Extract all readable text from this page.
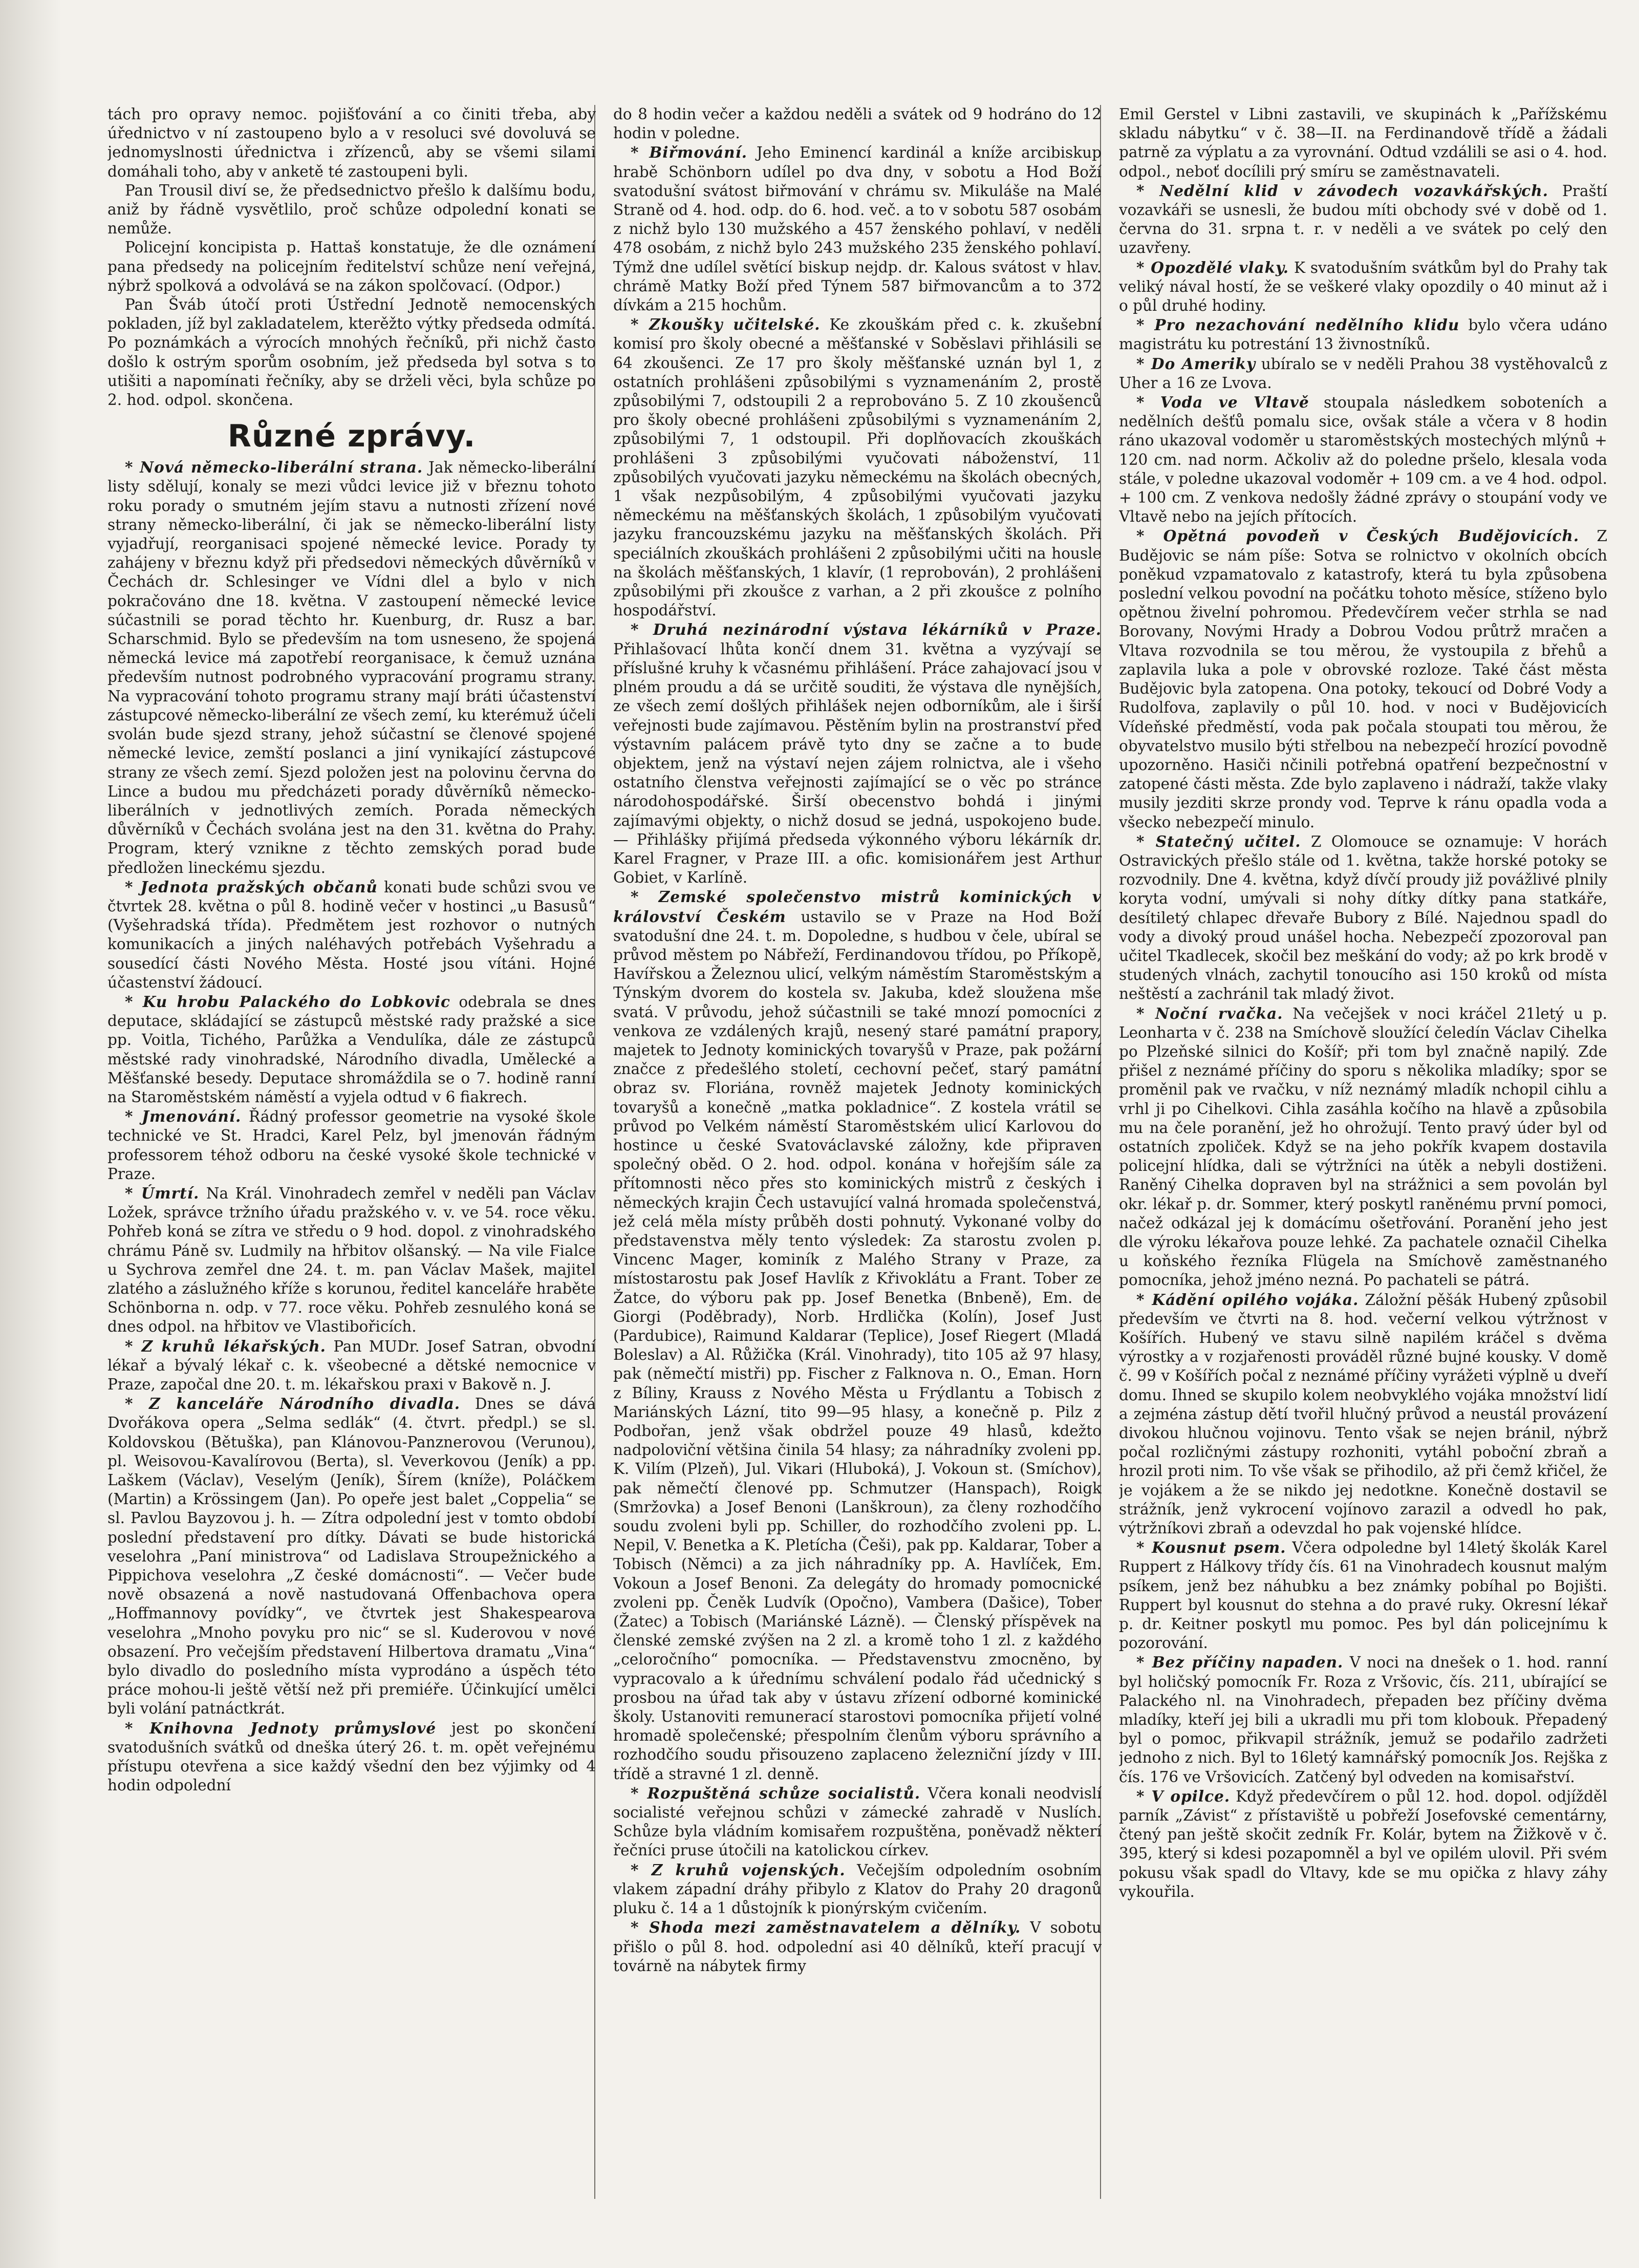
tách pro opravy nemoc. pojišťování a co činiti třeba, aby úřednictvo v ní zastoupeno bylo a v resoluci své dovoluvá se jednomyslnosti úřednictva i zřízenců, aby se všemi silami domáhali toho, aby v anketě té zastoupeni byli.

Pan Trousil diví se, že předsednictvo přešlo k dalšímu bodu, aniž by řádně vysvětlilo, proč schůze odpolední konati se nemůže.

Policejní koncipista p. Hattaš konstatuje, že dle oznámení pana předsedy na policejním ředitelství schůze není veřejná, nýbrž spolková a odvolává se na zákon spolčovací. (Odpor.)

Pan Šváb útočí proti Ústřední Jednotě nemocenských pokladen, jíž byl zakladatelem, kterěžto výtky předseda odmítá. Po poznámkách a výrocích mnohých řečníků, při nichž často došlo k ostrým sporům osobním, jež předseda byl sotva s to utišiti a napomínati řečníky, aby se drželi věci, byla schůze po 2. hod. odpol. skončena.

Různé zprávy.

* Nová německo-liberální strana. Jak německo-liberální listy sdělují, konaly se mezi vůdci levice již v březnu tohoto roku porady o smutném jejím stavu a nutnosti zřízení nové strany německo-liberální, či jak se německo-liberální listy vyjadřují, reorganisaci spojené německé levice. Porady ty zahájeny v březnu když při předsedovi německých důvěrníků v Čechách dr. Schlesinger ve Vídni dlel a bylo v nich pokračováno dne 18. května. V zastoupení německé levice súčastnili se porad těchto hr. Kuenburg, dr. Rusz a bar. Scharschmid. Bylo se především na tom usneseno, že spojená německá levice má zapotřebí reorganisace, k čemuž uznána především nutnost podrobného vypracování programu strany. Na vypracování tohoto programu strany mají bráti účastenství zástupcové německo-liberální ze všech zemí, ku kterémuž účeli svolán bude sjezd strany, jehož súčastní se členové spojené německé levice, zemští poslanci a jiní vynikající zástupcové strany ze všech zemí. Sjezd položen jest na polovinu června do Lince a budou mu předcházeti porady důvěrníků německo-liberálních v jednotlivých zemích. Porada německých důvěrníků v Čechách svolána jest na den 31. května do Prahy. Program, který vznikne z těchto zemských porad bude předložen lineckému sjezdu.

* Jednota pražských občanů konati bude schůzi svou ve čtvrtek 28. května o půl 8. hodině večer v hostinci „u Basusů“ (Vyšehradská třída). Předmětem jest rozhovor o nutných komunikacích a jiných naléhavých potřebách Vyšehradu a sousedící části Nového Města. Hosté jsou vítáni. Hojné účastenství žádoucí.

* Ku hrobu Palackého do Lobkovic odebrala se dnes deputace, skládající se zástupců městské rady pražské a sice pp. Voitla, Tichého, Parůžka a Vendulíka, dále ze zástupců městské rady vinohradské, Národního divadla, Umělecké a Měšťanské besedy. Deputace shromáždila se o 7. hodině ranní na Staroměstském náměstí a vyjela odtud v 6 fiakrech.

* Jmenování. Řádný professor geometrie na vysoké škole technické ve St. Hradci, Karel Pelz, byl jmenován řádným professorem téhož odboru na české vysoké škole technické v Praze.

* Úmrtí. Na Král. Vinohradech zemřel v neděli pan Václav Ložek, správce tržního úřadu pražského v. v. ve 54. roce věku. Pohřeb koná se zítra ve středu o 9 hod. dopol. z vinohradského chrámu Páně sv. Ludmily na hřbitov olšanský. — Na vile Fialce u Sychrova zemřel dne 24. t. m. pan Václav Mašek, majitel zlatého a záslužného kříže s korunou, ředitel kanceláře hraběte Schönborna n. odp. v 77. roce věku. Pohřeb zesnulého koná se dnes odpol. na hřbitov ve Vlastibořicích.

* Z kruhů lékařských. Pan MUDr. Josef Satran, obvodní lékař a bývalý lékař c. k. všeobecné a dětské nemocnice v Praze, započal dne 20. t. m. lékařskou praxi v Bakově n. J.

* Z kanceláře Národního divadla. Dnes se dává Dvořákova opera „Selma sedlák“ (4. čtvrt. předpl.) se sl. Koldovskou (Bětuška), pan Klánovou-Panznerovou (Verunou), pl. Weisovou-Kavalírovou (Berta), sl. Veverkovou (Jeník) a pp. Laškem (Václav), Veselým (Jeník), Šírem (kníže), Poláčkem (Martin) a Krössingem (Jan). Po opeře jest balet „Coppelia“ se sl. Pavlou Bayzovou j. h. — Zítra odpolední jest v tomto období poslední představení pro dítky. Dávati se bude historická veselohra „Paní ministrova“ od Ladislava Stroupežnického a Pippichova veselohra „Z české domácnosti“. — Večer bude nově obsazená a nově nastudovaná Offenbachova opera „Hoffmannovy povídky“, ve čtvrtek jest Shakespearova veselohra „Mnoho povyku pro nic“ se sl. Kuderovou v nové obsazení. Pro večejším představení Hilbertova dramatu „Vina“ bylo divadlo do posledního místa vyprodáno a úspěch této práce mohou-li ještě větší než při premiéře. Účinkující umělci byli volání patnáctkrát.

* Knihovna Jednoty průmyslové jest po skončení svatodušních svátků od dneška úterý 26. t. m. opět veřejnému přístupu otevřena a sice každý všední den bez výjimky od 4 hodin odpolední

do 8 hodin večer a každou neděli a svátek od 9 hodráno do 12 hodin v poledne.

* Biřmování. Jeho Eminencí kardinál a kníže arcibiskup hrabě Schönborn udílel po dva dny, v sobotu a Hod Boží svatodušní svátost biřmování v chrámu sv. Mikuláše na Malé Straně od 4. hod. odp. do 6. hod. več. a to v sobotu 587 osobám z nichž bylo 130 mužského a 457 ženského pohlaví, v neděli 478 osobám, z nichž bylo 243 mužského 235 ženského pohlaví. Týmž dne udílel světící biskup nejdp. dr. Kalous svátost v hlav. chrámě Matky Boží před Týnem 587 biřmovancům a to 372 dívkám a 215 hochům.

* Zkoušky učitelské. Ke zkouškám před c. k. zkušební komisí pro školy obecné a měšťanské v Soběslavi přihlásili se 64 zkoušenci. Ze 17 pro školy měšťanské uznán byl 1, z ostatních prohlášeni způsobilými s vyznamenáním 2, prostě způsobilými 7, odstoupili 2 a reprobováno 5. Z 10 zkoušenců pro školy obecné prohlášeni způsobilými s vyznamenáním 2, způsobilými 7, 1 odstoupil. Při doplňovacích zkouškách prohlášeni 3 způsobilými vyučovati náboženství, 11 způsobilých vyučovati jazyku německému na školách obecných, 1 však nezpůsobilým, 4 způsobilými vyučovati jazyku německému na měšťanských školách, 1 způsobilým vyučovati jazyku francouzskému jazyku na měšťanských školách. Při speciálních zkouškách prohlášeni 2 způsobilými učiti na housle na školách měšťanských, 1 klavír, (1 reprobován), 2 prohlášeni způsobilými při zkoušce z varhan, a 2 při zkoušce z polního hospodářství.

* Druhá nezinárodní výstava lékárníků v Praze. Přihlašovací lhůta končí dnem 31. května a vyzývají se příslušné kruhy k včasnému přihlášení. Práce zahajovací jsou v plném proudu a dá se určitě souditi, že výstava dle nynějších, ze všech zemí došlých přihlášek nejen odborníkům, ale i širší veřejnosti bude zajímavou. Pěstěním bylin na prostranství před výstavním palácem právě tyto dny se začne a to bude objektem, jenž na výstaví nejen zájem rolnictva, ale i všeho ostatního členstva veřejnosti zajímající se o věc po stránce národohospodářské. Širší obecenstvo bohdá i jinými zajímavými objekty, o nichž dosud se jedná, uspokojeno bude. — Přihlášky přijímá předseda výkonného výboru lékárník dr. Karel Fragner, v Praze III. a ofic. komisionářem jest Arthur Gobiet, v Karlíně.

* Zemské společenstvo mistrů kominických v království Českém ustavilo se v Praze na Hod Boží svatodušní dne 24. t. m. Dopoledne, s hudbou v čele, ubíral se průvod městem po Nábřeží, Ferdinandovou třídou, po Příkopě, Havířskou a Železnou ulicí, velkým náměstím Staroměstským a Týnským dvorem do kostela sv. Jakuba, kdež sloužena mše svatá. V průvodu, jehož súčastnili se také mnozí pomocníci z venkova ze vzdálených krajů, nesený staré památní prapory, majetek to Jednoty kominických tovaryšů v Praze, pak požární značce z předešlého století, cechovní pečeť, starý památní obraz sv. Floriána, rovněž majetek Jednoty kominických tovaryšů a konečně „matka pokladnice“. Z kostela vrátil se průvod po Velkém náměstí Staroměstském ulicí Karlovou do hostince u české Svatováclavské záložny, kde připraven společný oběd. O 2. hod. odpol. konána v hořejším sále za přítomnosti něco přes sto kominických mistrů z českých i německých krajin Čech ustavující valná hromada společenstvá, jež celá měla místy průběh dosti pohnutý. Vykonané volby do představenstva měly tento výsledek: Za starostu zvolen p. Vincenc Mager, kominík z Malého Strany v Praze, za místostarostu pak Josef Havlík z Křivoklátu a Frant. Tober ze Žatce, do výboru pak pp. Josef Benetka (Bnbeně), Em. de Giorgi (Poděbrady), Norb. Hrdlička (Kolín), Josef Just (Pardubice), Raimund Kaldarar (Teplice), Josef Riegert (Mladá Boleslav) a Al. Růžička (Král. Vinohrady), tito 105 až 97 hlasy, pak (němečtí mistři) pp. Fischer z Falknova n. O., Eman. Horn z Bíliny, Krauss z Nového Města u Frýdlantu a Tobisch z Mariánských Lázní, tito 99—95 hlasy, a konečně p. Pilz z Podbořan, jenž však obdržel pouze 49 hlasů, kdežto nadpoloviční většina činila 54 hlasy; za náhradníky zvoleni pp. K. Vilím (Plzeň), Jul. Vikari (Hluboká), J. Vokoun st. (Smíchov), pak němečtí členové pp. Schmutzer (Hanspach), Roigk (Smržovka) a Josef Benoni (Lanškroun), za členy rozhodčího soudu zvoleni byli pp. Schiller, do rozhodčího zvoleni pp. L. Nepil, V. Benetka a K. Pletícha (Češi), pak pp. Kaldarar, Tober a Tobisch (Němci) a za jich náhradníky pp. A. Havlíček, Em. Vokoun a Josef Benoni. Za delegáty do hromady pomocnické zvoleni pp. Čeněk Ludvík (Opočno), Vambera (Dašice), Tober (Žatec) a Tobisch (Mariánské Lázně). — Členský příspěvek na členské zemské zvýšen na 2 zl. a kromě toho 1 zl. z každého „celoročního“ pomocníka. — Představenstvu zmocněno, by vypracovalo a k úřednímu schválení podalo řád učednický s prosbou na úřad tak aby v ústavu zřízení odborné kominické školy. Ustanoviti remunerací starostovi pomocníka přijetí volné hromadě společenské; přespolním členům výboru správního a rozhodčího soudu přisouzeno zaplaceno železniční jízdy v III. třídě a stravné 1 zl. denně.

* Rozpuštěná schůze socialistů. Včera konali neodvislí socialisté veřejnou schůzi v zámecké zahradě v Nuslích. Schůze byla vládním komisařem rozpuštěna, poněvadž některí řečníci pruse útočili na katolickou církev.

* Z kruhů vojenských. Večejším odpoledním osobním vlakem západní dráhy přibylo z Klatov do Prahy 20 dragonů pluku č. 14 a 1 důstojník k pionýrským cvičením.

* Shoda mezi zaměstnavatelem a dělníky. V sobotu přišlo o půl 8. hod. odpolední asi 40 dělníků, kteří pracují v továrně na nábytek firmy

Emil Gerstel v Libni zastavili, ve skupinách k „Pařížskému skladu nábytku“ v č. 38—II. na Ferdinandově třídě a žádali patrně za výplatu a za vyrovnání. Odtud vzdálili se asi o 4. hod. odpol., neboť docílili prý smíru se zaměstnavateli.

* Nedělní klid v závodech vozavkářských. Praští vozavkáři se usnesli, že budou míti obchody své v době od 1. června do 31. srpna t. r. v neděli a ve svátek po celý den uzavřeny.

* Opozdělé vlaky. K svatodušním svátkům byl do Prahy tak veliký nával hostí, že se veškeré vlaky opozdily o 40 minut až i o půl druhé hodiny.

* Pro nezachování nedělního klidu bylo včera udáno magistrátu ku potrestání 13 živnostníků.

* Do Ameriky ubíralo se v neděli Prahou 38 vystěhovalců z Uher a 16 ze Lvova.

* Voda ve Vltavě stoupala následkem soboteních a nedělních dešťů pomalu sice, ovšak stále a včera v 8 hodin ráno ukazoval vodoměr u staroměstských mostechých mlýnů + 120 cm. nad norm. Ačkoliv až do poledne pršelo, klesala voda stále, v poledne ukazoval vodoměr + 109 cm. a ve 4 hod. odpol. + 100 cm. Z venkova nedošly žádné zprávy o stoupání vody ve Vltavě nebo na jejích přítocích.

* Opětná povodeň v Českých Budějovicích. Z Budějovic se nám píše: Sotva se rolnictvo v okolních obcích poněkud vzpamatovalo z katastrofy, která tu byla způsobena poslední velkou povodní na počátku tohoto měsíce, stíženo bylo opětnou živelní pohromou. Předevčírem večer strhla se nad Borovany, Novými Hrady a Dobrou Vodou průtrž mračen a Vltava rozvodnila se tou měrou, že vystoupila z břehů a zaplavila luka a pole v obrovské rozloze. Také část města Budějovic byla zatopena. Ona potoky, tekoucí od Dobré Vody a Rudolfova, zaplavily o půl 10. hod. v noci v Budějovicích Vídeňské předměstí, voda pak počala stoupati tou měrou, že obyvatelstvo musilo býti střelbou na nebezpečí hrozící povodně upozorněno. Hasiči nčinili potřebná opatření bezpečnostní v zatopené části města. Zde bylo zaplaveno i nádraží, takže vlaky musily jezditi skrze prondy vod. Teprve k ránu opadla voda a všecko nebezpečí minulo.

* Statečný učitel. Z Olomouce se oznamuje: V horách Ostravických přešlo stále od 1. května, takže horské potoky se rozvodnily. Dne 4. května, když dívčí proudy již povážlivé plnily koryta vodní, umývali si nohy dítky dítky pana statkáře, desítiletý chlapec dřevaře Bubory z Bílé. Najednou spadl do vody a divoký proud unášel hocha. Nebezpečí zpozoroval pan učitel Tkadlecek, skočil bez meškání do vody; až po krk brodě v studených vlnách, zachytil tonoucího asi 150 kroků od místa neštěstí a zachránil tak mladý život.

* Noční rvačka. Na večejšek v noci kráčel 21letý u p. Leonharta v č. 238 na Smíchově sloužící čeledín Václav Cihelka po Plzeňské silnici do Košíř; při tom byl značně napilý. Zde přišel z neznámé příčiny do sporu s několika mladíky; spor se proměnil pak ve rvačku, v níž neznámý mladík nchopil cihlu a vrhl ji po Cihelkovi. Cihla zasáhla kočího na hlavě a způsobila mu na čele poranění, jež ho ohrožují. Tento pravý úder byl od ostatních zpoliček. Když se na jeho pokřík kvapem dostavila policejní hlídka, dali se výtržníci na útěk a nebyli dostiženi. Raněný Cihelka dopraven byl na strážnici a sem povolán byl okr. lékař p. dr. Sommer, který poskytl raněnému první pomoci, načež odkázal jej k domácímu ošetřování. Poranění jeho jest dle výroku lékařova pouze lehké. Za pachatele označil Cihelka u koňského řezníka Flügela na Smíchově zaměstnaného pomocníka, jehož jméno nezná. Po pachateli se pátrá.

* Kádění opilého vojáka. Záložní pěšák Hubený způsobil především ve čtvrti na 8. hod. večerní velkou výtržnost v Košířích. Hubený ve stavu silně napilém kráčel s dvěma výrostky a v rozjařenosti prováděl různé bujné kousky. V domě č. 99 v Košířích počal z neznámé příčiny vyrážeti výplně u dveří domu. Ihned se skupilo kolem neobvyklého vojáka množství lidí a zejména zástup dětí tvořil hlučný průvod a neustál provázení divokou hlučnou vojinovu. Tento však se nejen bránil, nýbrž počal rozličnými zástupy rozhoniti, vytáhl poboční zbraň a hrozil proti nim. To vše však se přihodilo, až při čemž křičel, že je vojákem a že se nikdo jej nedotkne. Konečně dostavil se strážník, jenž vykrocení vojínovo zarazil a odvedl ho pak, výtržníkovi zbraň a odevzdal ho pak vojenské hlídce.

* Kousnut psem. Včera odpoledne byl 14letý školák Karel Ruppert z Hálkovy třídy čís. 61 na Vinohradech kousnut malým psíkem, jenž bez náhubku a bez známky pobíhal po Bojišti. Ruppert byl kousnut do stehna a do pravé ruky. Okresní lékař p. dr. Keitner poskytl mu pomoc. Pes byl dán policejnímu k pozorování.

* Bez příčiny napaden. V noci na dnešek o 1. hod. ranní byl holičský pomocník Fr. Roza z Vršovic, čís. 211, ubírající se Palackého nl. na Vinohradech, přepaden bez příčiny dvěma mladíky, kteří jej bili a ukradli mu při tom klobouk. Přepadený byl o pomoc, přikvapil strážník, jemuž se podařilo zadržeti jednoho z nich. Byl to 16letý kamnářský pomocník Jos. Rejška z čís. 176 ve Vršovicích. Zatčený byl odveden na komisařství.

* V opilce. Když předevčírem o půl 12. hod. dopol. odjížděl parník „Závist“ z přístaviště u pobřeží Josefovské cementárny, čtený pan ještě skočit zedník Fr. Kolár, bytem na Žižkově v č. 395, který si kdesi pozapomněl a byl ve opilém ulovil. Při svém pokusu však spadl do Vltavy, kde se mu opička z hlavy záhy vykouřila.
